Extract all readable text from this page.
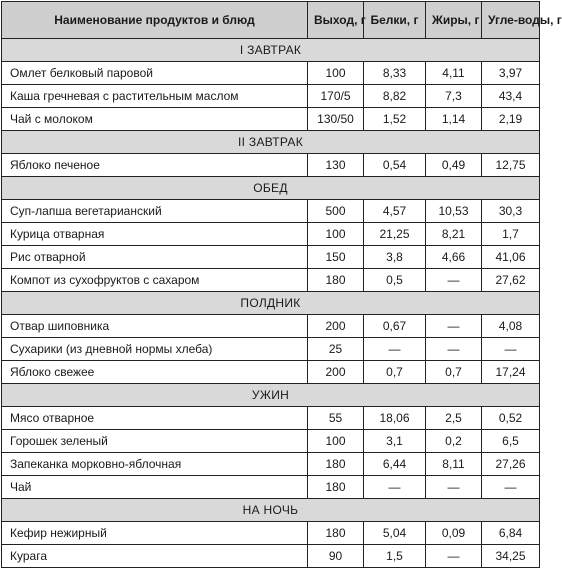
Наименование продуктов и блюд	Выход, г	Белки, г	Жиры, г	Угле-воды, г
I ЗАВТРАК				
Омлет белковый паровой	100	8,33	4,11	3,97
Каша гречневая с растительным маслом	170/5	8,82	7,3	43,4
Чай с молоком	130/50	1,52	1,14	2,19
II ЗАВТРАК				
Яблоко печеное	130	0,54	0,49	12,75
ОБЕД				
Суп-лапша вегетарианский	500	4,57	10,53	30,3
Курица отварная	100	21,25	8,21	1,7
Рис отварной	150	3,8	4,66	41,06
Компот из сухофруктов с сахаром	180	0,5	—	27,62
ПОЛДНИК				
Отвар шиповника	200	0,67	—	4,08
Сухарики (из дневной нормы хлеба)	25	—	—	—
Яблоко свежее	200	0,7	0,7	17,24
УЖИН				
Мясо отварное	55	18,06	2,5	0,52
Горошек зеленый	100	3,1	0,2	6,5
Запеканка морковно-яблочная	180	6,44	8,11	27,26
Чай	180	—	—	—
НА НОЧЬ				
Кефир нежирный	180	5,04	0,09	6,84
Курага	90	1,5	—	34,25
